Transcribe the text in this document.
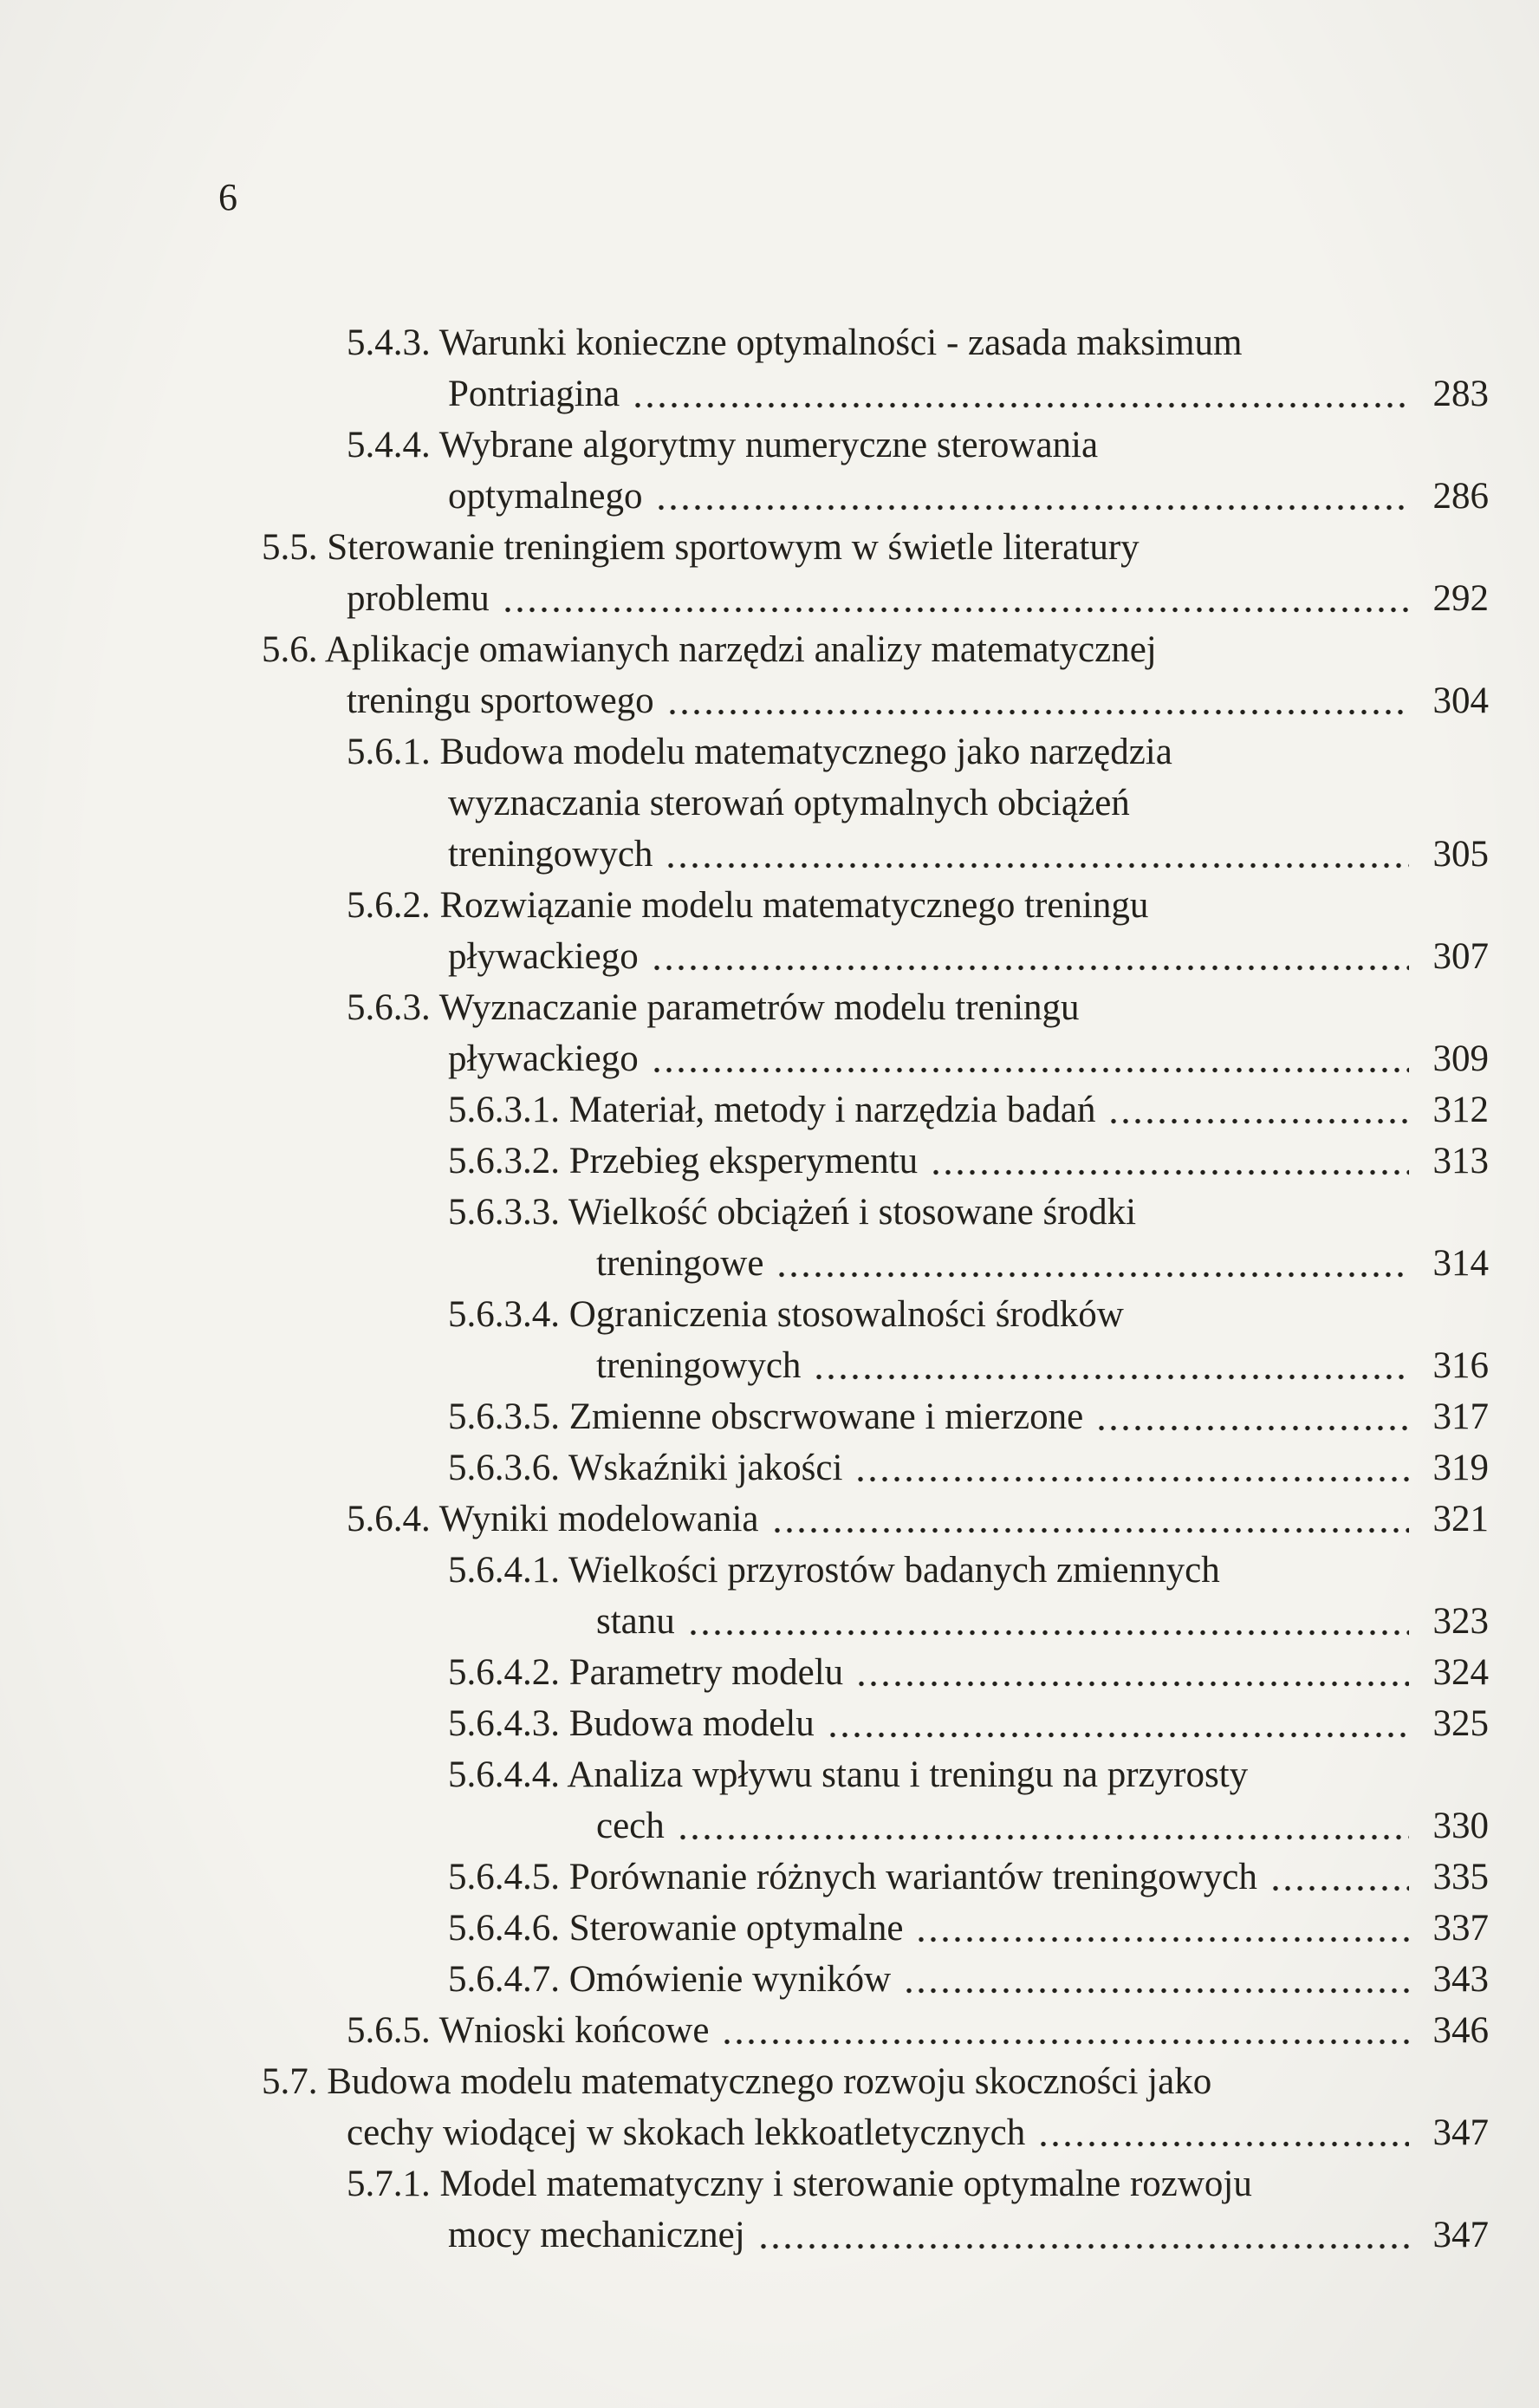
6
5.4.3. Warunki konieczne optymalności - zasada maksimum
Pontriagina	283
5.4.4. Wybrane algorytmy numeryczne sterowania
optymalnego	286
5.5. Sterowanie treningiem sportowym w świetle literatury
problemu	292
5.6. Aplikacje omawianych narzędzi analizy matematycznej
treningu sportowego	304
5.6.1. Budowa modelu matematycznego jako narzędzia
wyznaczania sterowań optymalnych obciążeń
treningowych	305
5.6.2. Rozwiązanie modelu matematycznego treningu
pływackiego	307
5.6.3. Wyznaczanie parametrów modelu treningu
pływackiego	309
5.6.3.1. Materiał, metody i narzędzia badań	312
5.6.3.2. Przebieg eksperymentu	313
5.6.3.3. Wielkość obciążeń i stosowane środki
treningowe	314
5.6.3.4. Ograniczenia stosowalności środków
treningowych	316
5.6.3.5. Zmienne obscrwowane i mierzone	317
5.6.3.6. Wskaźniki jakości	319
5.6.4. Wyniki modelowania	321
5.6.4.1. Wielkości przyrostów badanych zmiennych
stanu	323
5.6.4.2. Parametry modelu	324
5.6.4.3. Budowa modelu	325
5.6.4.4. Analiza wpływu stanu i treningu na przyrosty
cech	330
5.6.4.5. Porównanie różnych wariantów treningowych	335
5.6.4.6. Sterowanie optymalne	337
5.6.4.7. Omówienie wyników	343
5.6.5. Wnioski końcowe	346
5.7. Budowa modelu matematycznego rozwoju skoczności jako
cechy wiodącej w skokach lekkoatletycznych	347
5.7.1. Model matematyczny i sterowanie optymalne rozwoju
mocy mechanicznej	347
